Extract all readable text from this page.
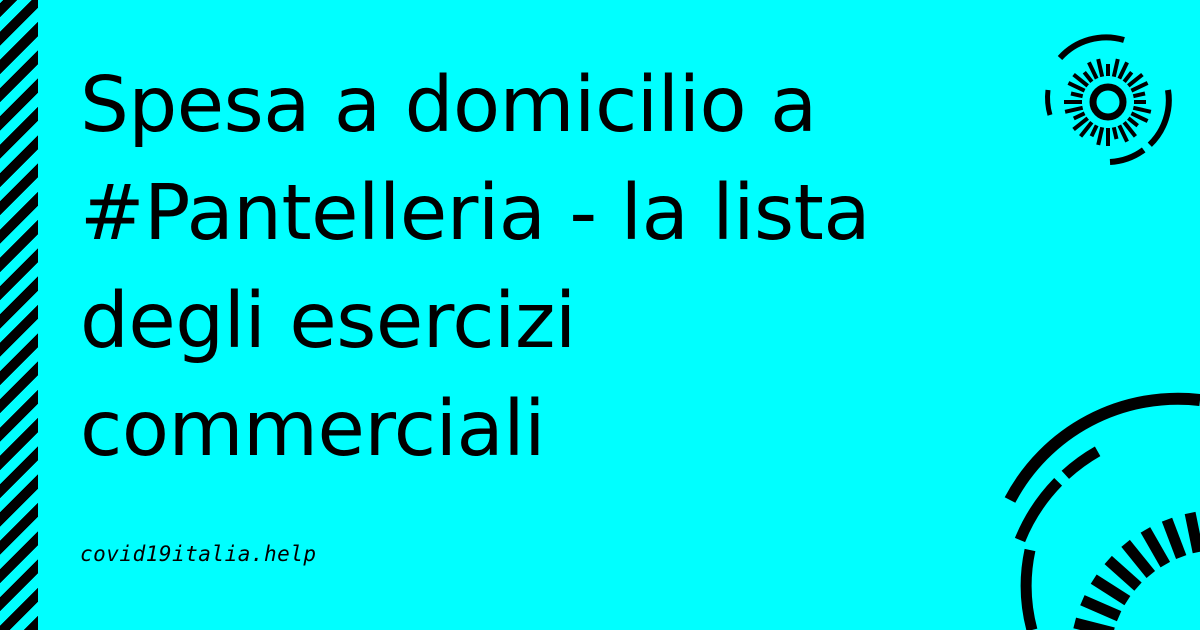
Spesa a domicilio a #Pantelleria - la lista degli esercizi commerciali
covid19italia.help
